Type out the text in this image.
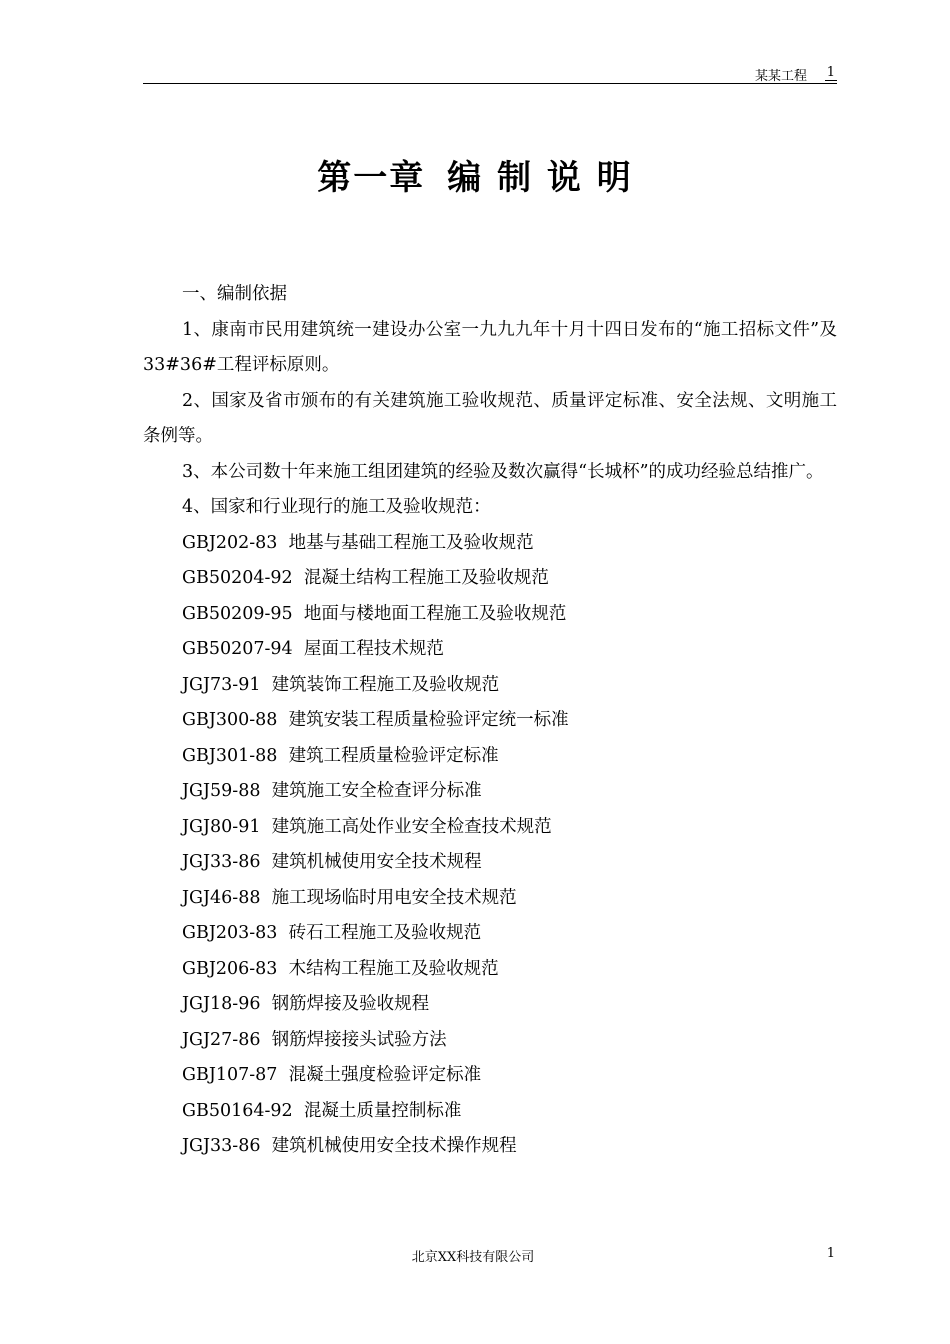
某某工程 1
第一章 编 制 说 明

一、编制依据

1、康南市民用建筑统一建设办公室一九九九年十月十四日发布的“施工招标文件”及33#36#工程评标原则。

2、国家及省市颁布的有关建筑施工验收规范、质量评定标准、安全法规、文明施工条例等。

3、本公司数十年来施工组团建筑的经验及数次赢得“长城杯”的成功经验总结推广。

4、国家和行业现行的施工及验收规范：

GBJ202-83 地基与基础工程施工及验收规范

GB50204-92 混凝土结构工程施工及验收规范

GB50209-95 地面与楼地面工程施工及验收规范

GB50207-94 屋面工程技术规范

JGJ73-91 建筑装饰工程施工及验收规范

GBJ300-88 建筑安装工程质量检验评定统一标准

GBJ301-88 建筑工程质量检验评定标准

JGJ59-88 建筑施工安全检查评分标准

JGJ80-91 建筑施工高处作业安全检查技术规范

JGJ33-86 建筑机械使用安全技术规程

JGJ46-88 施工现场临时用电安全技术规范

GBJ203-83 砖石工程施工及验收规范

GBJ206-83 木结构工程施工及验收规范

JGJ18-96 钢筋焊接及验收规程

JGJ27-86 钢筋焊接接头试验方法

GBJ107-87 混凝土强度检验评定标准

GB50164-92 混凝土质量控制标准

JGJ33-86 建筑机械使用安全技术操作规程

北京XX科技有限公司	1
